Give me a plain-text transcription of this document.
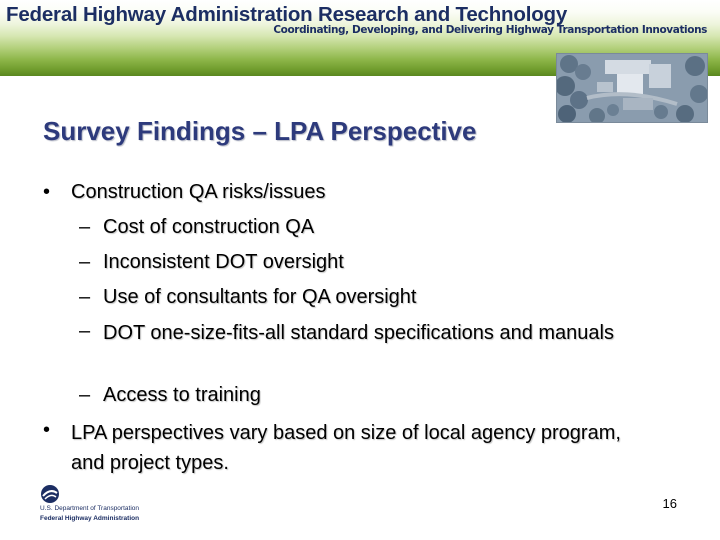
Federal Highway Administration Research and Technology

Coordinating, Developing, and Delivering Highway Transportation Innovations

Survey Findings – LPA Perspective
• Construction QA risks/issues

– Cost of construction QA

– Inconsistent DOT oversight

– Use of consultants for QA oversight

– DOT one-size-fits-all standard specifications and manuals

– Access to training

• LPA perspectives vary based on size of local agency program, and project types.

U.S. Department of Transportation

Federal Highway Administration

16
